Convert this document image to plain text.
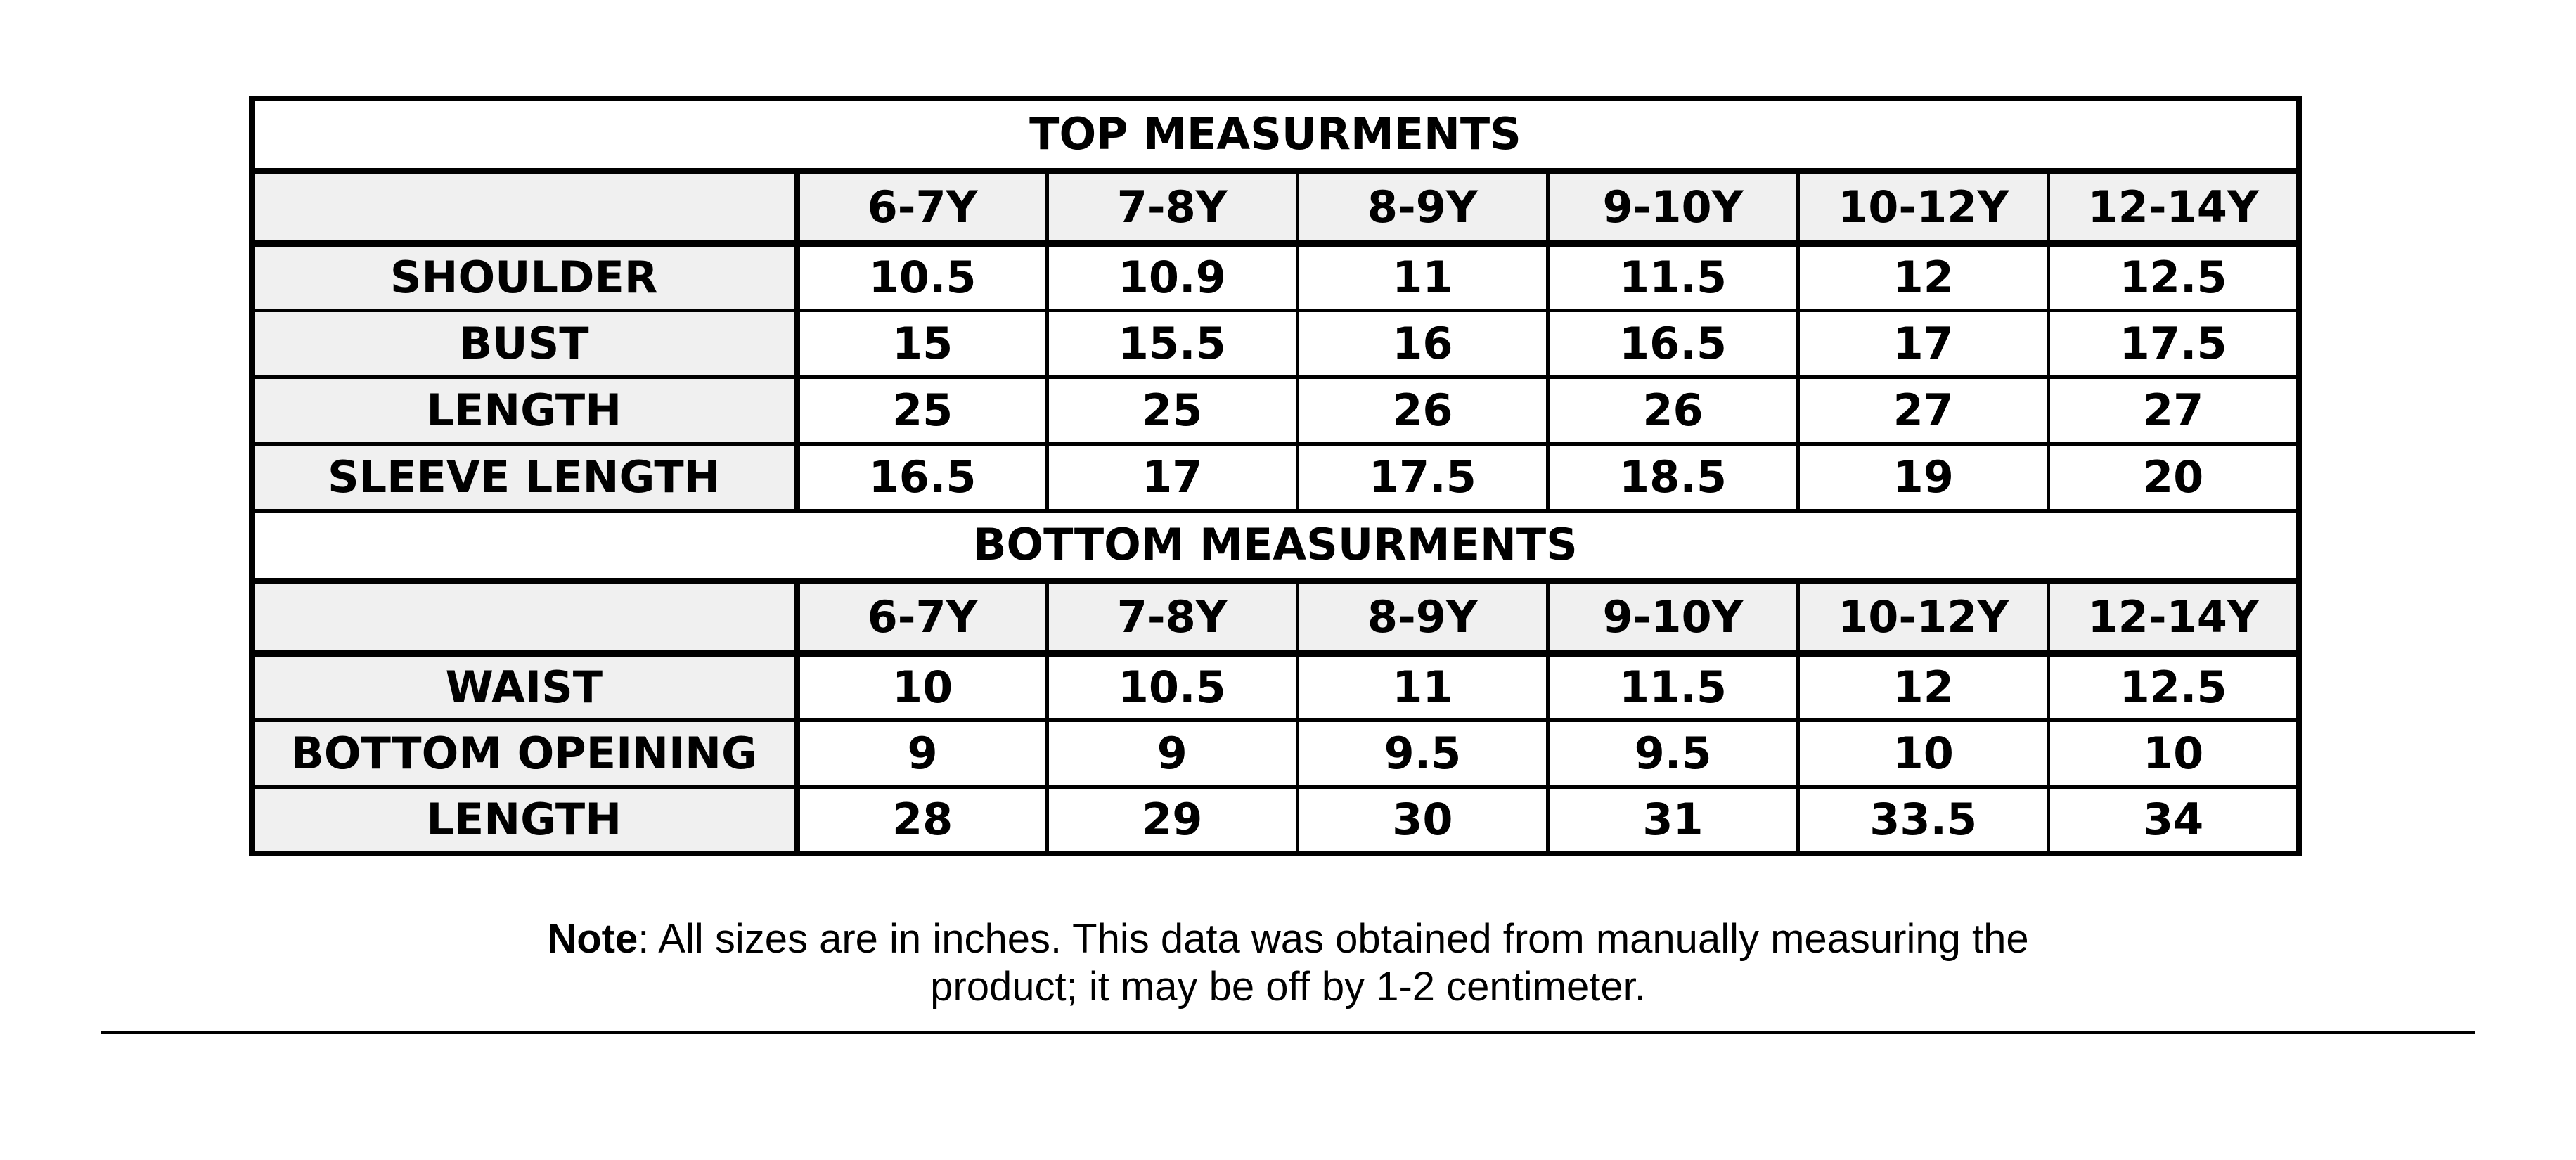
TOP MEASURMENTS						
	6-7Y	7-8Y	8-9Y	9-10Y	10-12Y	12-14Y
SHOULDER	10.5	10.9	11	11.5	12	12.5
BUST	15	15.5	16	16.5	17	17.5
LENGTH	25	25	26	26	27	27
SLEEVE LENGTH	16.5	17	17.5	18.5	19	20
BOTTOM MEASURMENTS						
	6-7Y	7-8Y	8-9Y	9-10Y	10-12Y	12-14Y
WAIST	10	10.5	11	11.5	12	12.5
BOTTOM OPEINING	9	9	9.5	9.5	10	10
LENGTH	28	29	30	31	33.5	34
Note: All sizes are in inches. This data was obtained from manually measuring the
product; it may be off by 1-2 centimeter.
